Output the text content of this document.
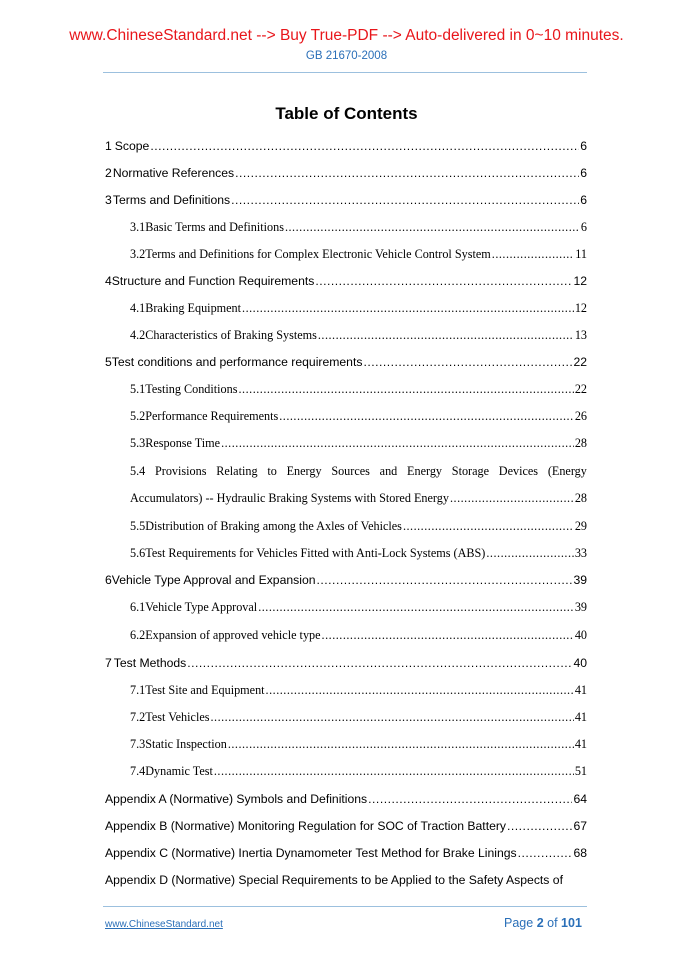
www.ChineseStandard.net --> Buy True-PDF --> Auto-delivered in 0~10 minutes.
GB 21670-2008
Table of Contents
1 Scope .....	6
2 Normative References .....	6
3 Terms and Definitions .....	6
3.1 Basic Terms and Definitions .....	6
3.2 Terms and Definitions for Complex Electronic Vehicle Control System .....	11
4 Structure and Function Requirements .....	12
4.1 Braking Equipment .....	12
4.2 Characteristics of Braking Systems .....	13
5 Test conditions and performance requirements .....	22
5.1 Testing Conditions .....	22
5.2 Performance Requirements .....	26
5.3 Response Time .....	28
5.4 Provisions Relating to Energy Sources and Energy Storage Devices (Energy
Accumulators) -- Hydraulic Braking Systems with Stored Energy .....	28
5.5 Distribution of Braking among the Axles of Vehicles .....	29
5.6 Test Requirements for Vehicles Fitted with Anti-Lock Systems (ABS) .....	33
6 Vehicle Type Approval and Expansion .....	39
6.1 Vehicle Type Approval .....	39
6.2 Expansion of approved vehicle type .....	40
7 Test Methods .....	40
7.1 Test Site and Equipment .....	41
7.2 Test Vehicles .....	41
7.3 Static Inspection .....	41
7.4 Dynamic Test .....	51
Appendix A (Normative) Symbols and Definitions .....	64
Appendix B (Normative) Monitoring Regulation for SOC of Traction Battery .....	67
Appendix C (Normative) Inertia Dynamometer Test Method for Brake Linings .....	68
Appendix D (Normative) Special Requirements to be Applied to the Safety Aspects of
www.ChineseStandard.net	Page 2 of 101
